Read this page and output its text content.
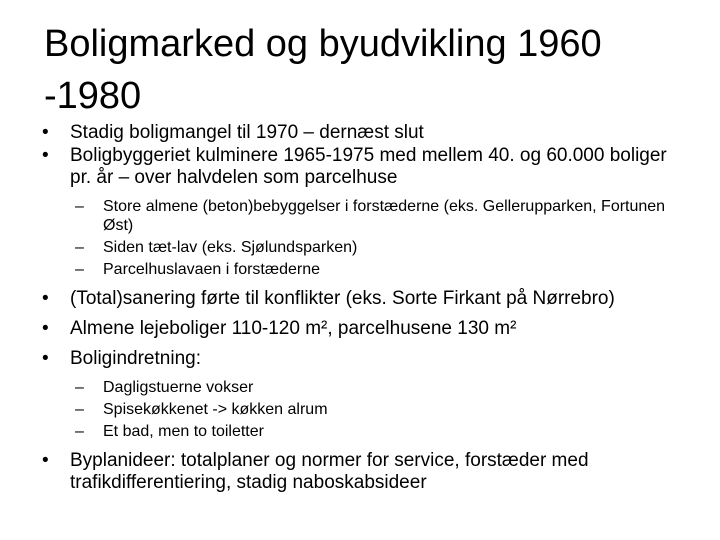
Boligmarked og byudvikling 1960
-1980
• Stadig boligmangel til 1970 – dernæst slut
• Boligbyggeriet kulminere 1965-1975 med mellem 40. og 60.000 boliger pr. år – over halvdelen som parcelhuse
– Store almene (beton)bebyggelser i forstæderne (eks. Gellerupparken, Fortunen Øst)
– Siden tæt-lav (eks. Sjølundsparken)
– Parcelhuslavaen i forstæderne
• (Total)sanering førte til konflikter (eks. Sorte Firkant på Nørrebro)
• Almene lejeboliger 110-120 m², parcelhusene 130 m²
• Boligindretning:
– Dagligstuerne vokser
– Spisekøkkenet -> køkken alrum
– Et bad, men to toiletter
• Byplanideer: totalplaner og normer for service, forstæder med trafikdifferentiering, stadig naboskabsideer
